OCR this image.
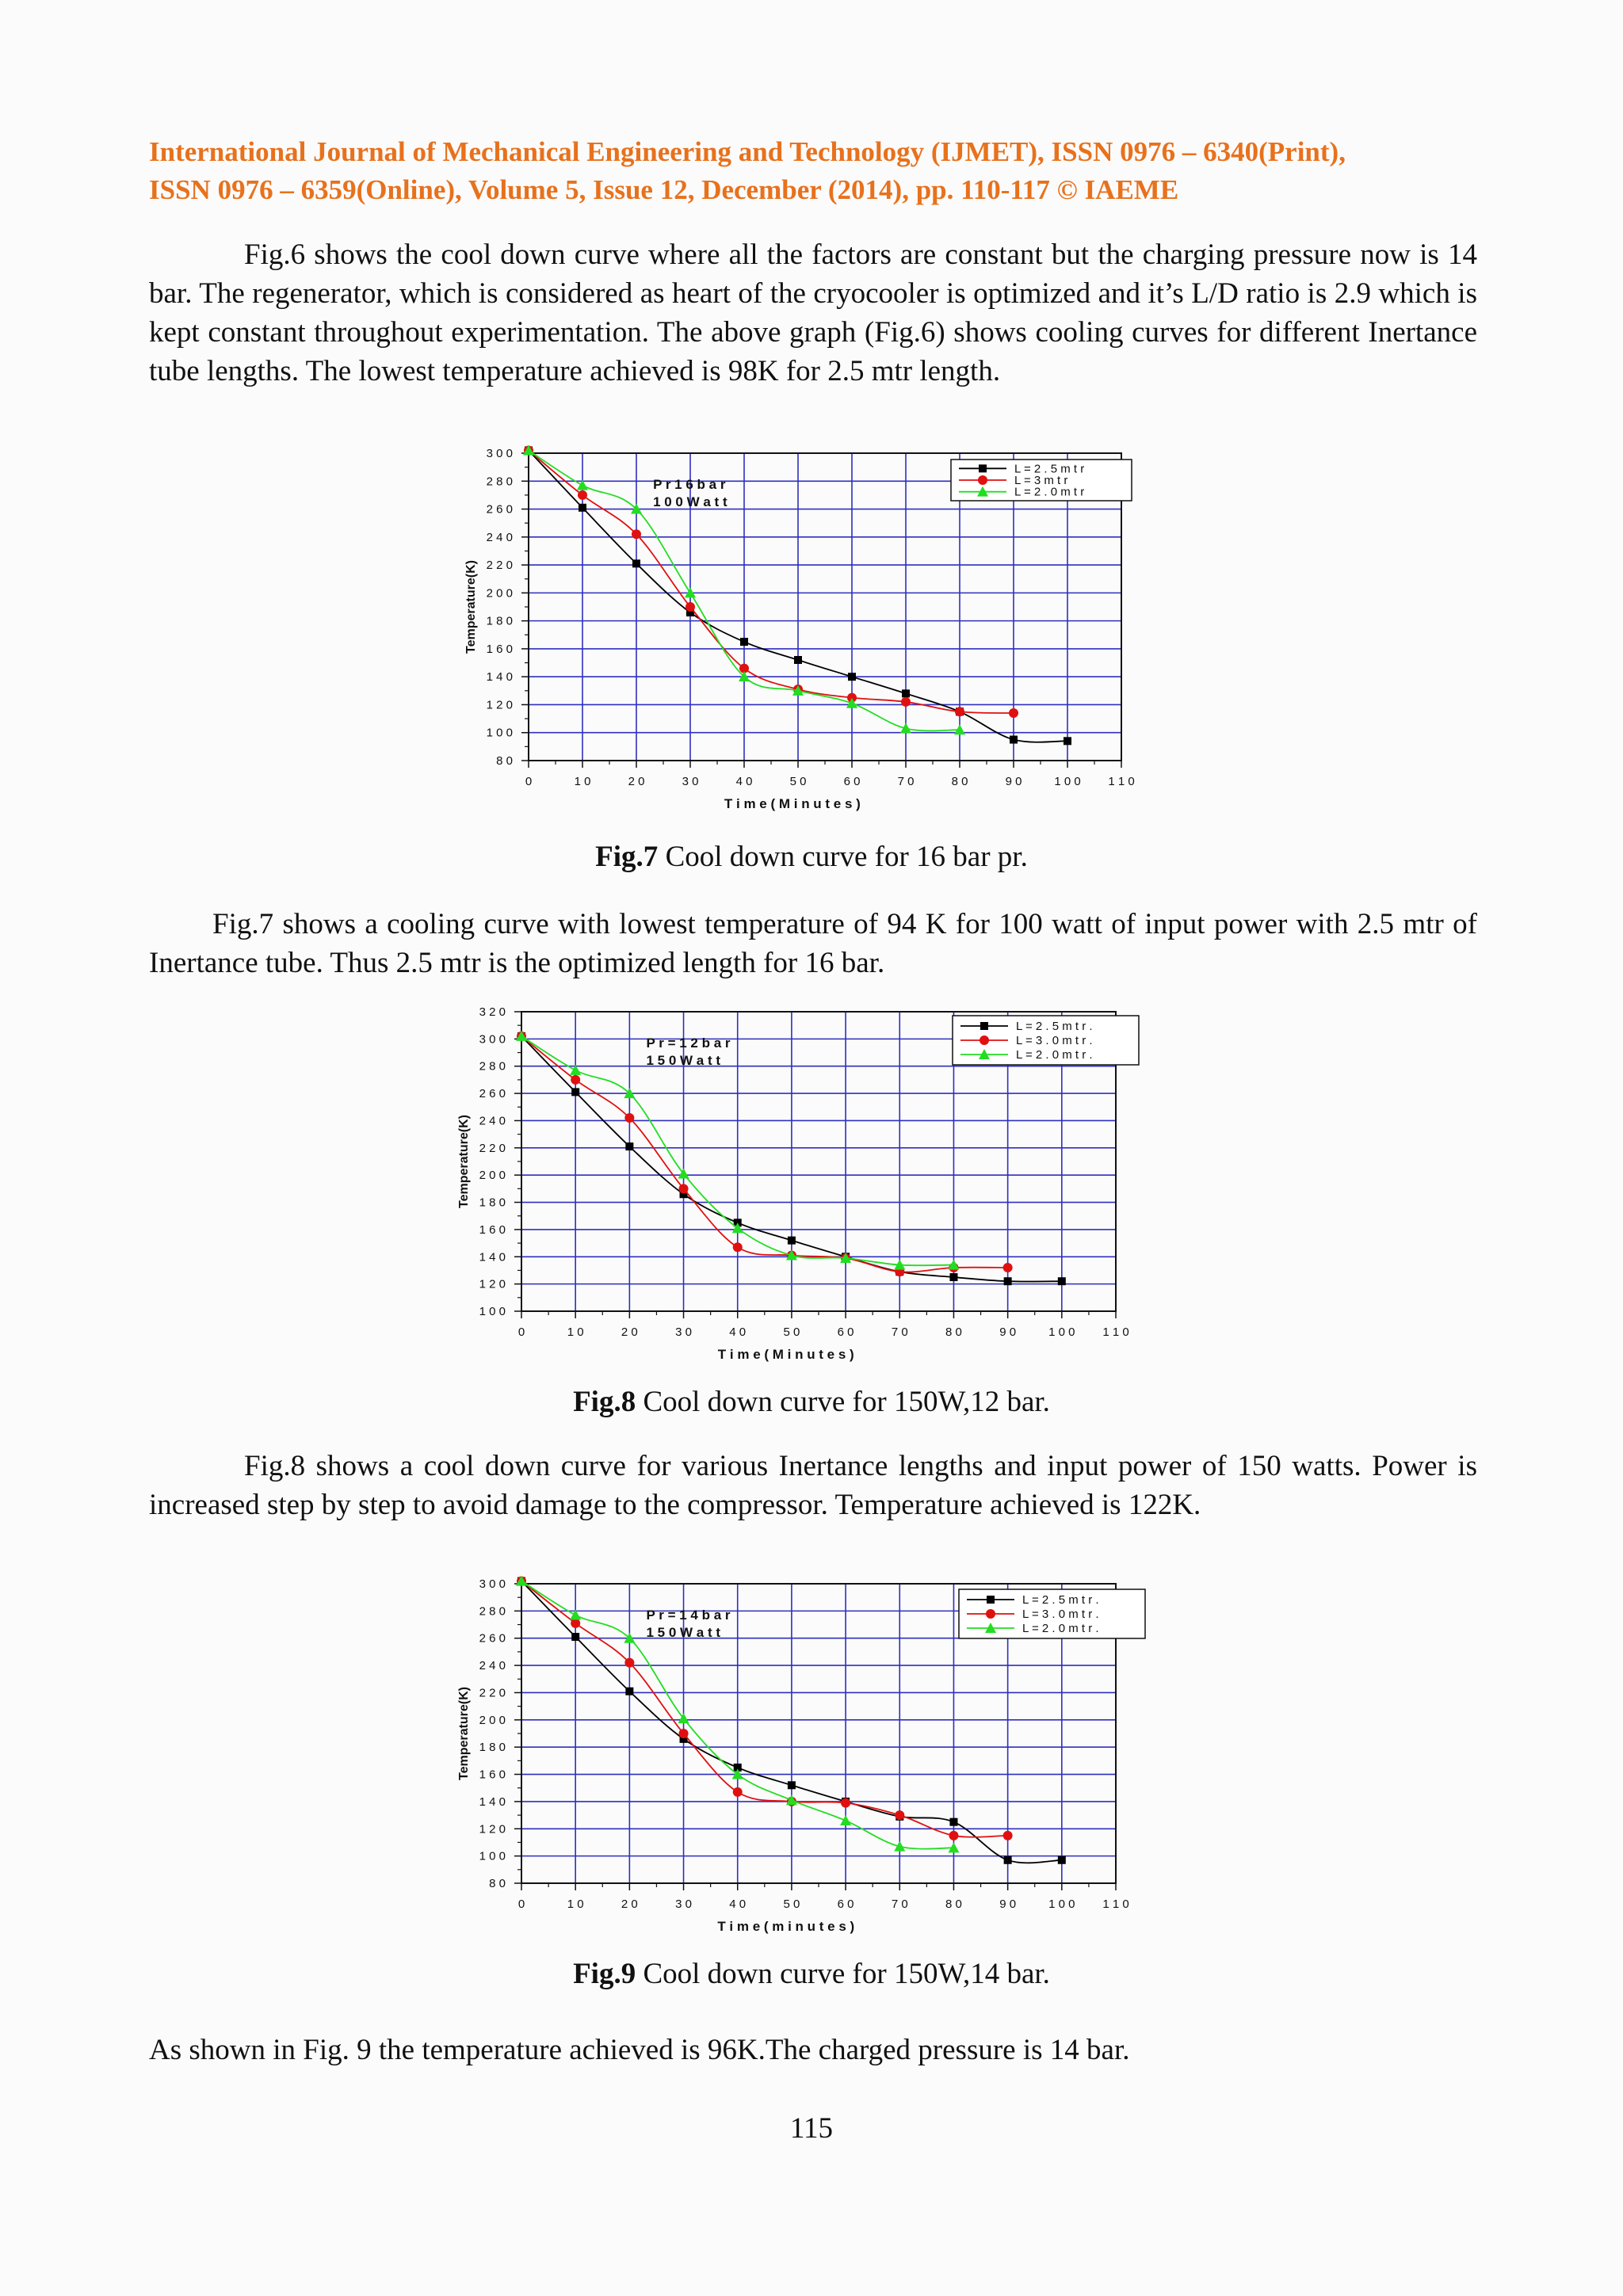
International Journal of Mechanical Engineering and Technology (IJMET), ISSN 0976 – 6340(Print),
ISSN 0976 – 6359(Online), Volume 5, Issue 12, December (2014), pp. 110-117 © IAEME

Fig.6 shows the cool down curve where all the factors are constant but the charging pressure now is 14 bar. The regenerator, which is considered as heart of the cryocooler is optimized and it’s L/D ratio is 2.9 which is kept constant throughout experimentation. The above graph (Fig.6) shows cooling curves for different Inertance tube lengths. The lowest temperature achieved is 98K for 2.5 mtr length.

0	1 0	2 0	3 0	4 0	5 0	6 0	7 0	8 0	9 0	1 0 0 1 1 0
8 0
1 0 0
1 2 0
1 4 0
1 6 0
1 8 0
2 0 0
2 2 0
2 4 0
2 6 0
2 8 0
3 0 0
T i m e ( M i n u t e s )
Temperature(K)
P r 1 6 b a r
1 0 0 W a t t
L = 2 . 5 m t r
L = 3 m t r
L = 2 . 0 m t r
Fig.7 Cool down curve for 16 bar pr.

Fig.7 shows a cooling curve with lowest temperature of 94 K for 100 watt of input power with 2.5 mtr of Inertance tube. Thus 2.5 mtr is the optimized length for 16 bar.

0	1 0	2 0	3 0	4 0	5 0	6 0	7 0	8 0	9 0	1 0 0 1 1 0
1 0 0
1 2 0
1 4 0
1 6 0
1 8 0
2 0 0
2 2 0
2 4 0
2 6 0
2 8 0
3 0 0
3 2 0
T i m e ( M i n u t e s )
Temperature(K)
P r = 1 2 b a r
1 5 0 W a t t
L = 2 . 5 m t r .
L = 3 . 0 m t r .
L = 2 . 0 m t r .
Fig.8 Cool down curve for 150W,12 bar.

Fig.8 shows a cool down curve for various Inertance lengths and input power of 150 watts. Power is increased step by step to avoid damage to the compressor. Temperature achieved is 122K.

0	1 0	2 0	3 0	4 0	5 0	6 0	7 0	8 0	9 0	1 0 0 1 1 0
8 0
1 0 0
1 2 0
1 4 0
1 6 0
1 8 0
2 0 0
2 2 0
2 4 0
2 6 0
2 8 0
3 0 0
T i m e ( m i n u t e s )
Temperature(K)
P r = 1 4 b a r
1 5 0 W a t t
L = 2 . 5 m t r .
L = 3 . 0 m t r .
L = 2 . 0 m t r .
Fig.9 Cool down curve for 150W,14 bar.

As shown in Fig. 9 the temperature achieved is 96K.The charged pressure is 14 bar.

115
